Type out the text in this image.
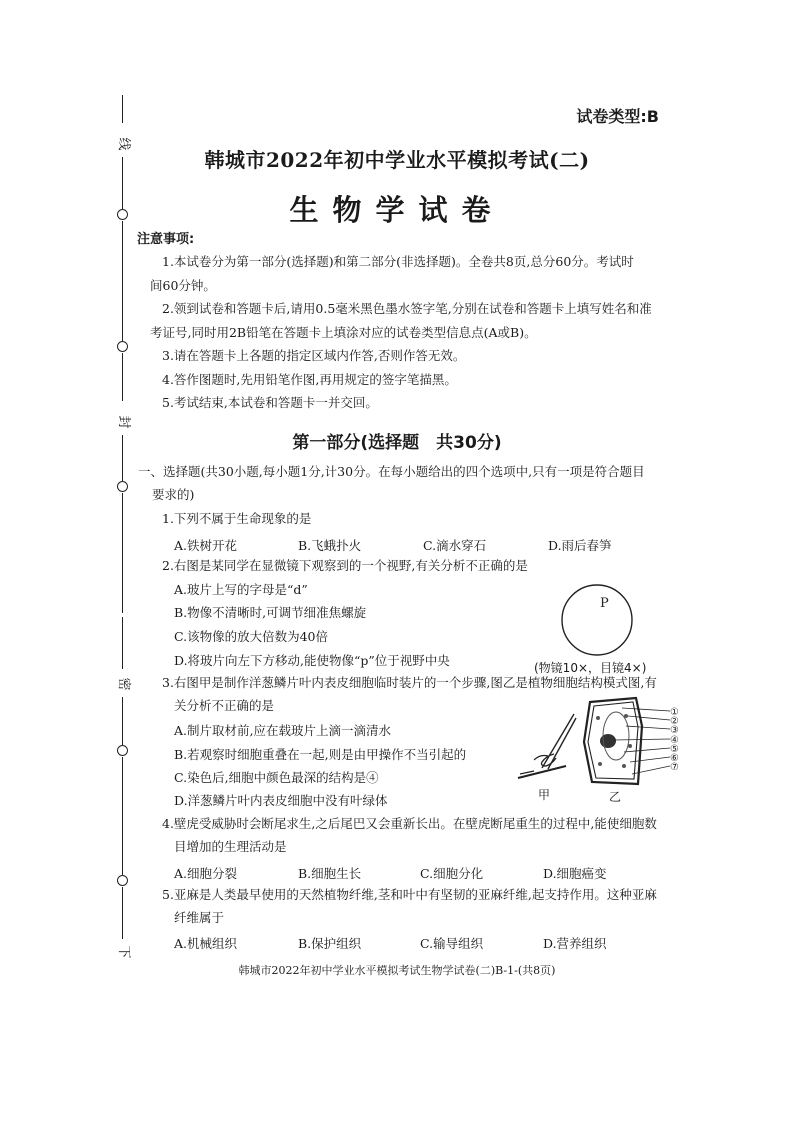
线
封
密
下
试卷类型:B
韩城市2022年初中学业水平模拟考试(二)
生物学试卷
注意事项:
1.本试卷分为第一部分(选择题)和第二部分(非选择题)。全卷共8页,总分60分。考试时
间60分钟。
2.领到试卷和答题卡后,请用0.5毫米黑色墨水签字笔,分别在试卷和答题卡上填写姓名和准
考证号,同时用2B铅笔在答题卡上填涂对应的试卷类型信息点(A或B)。
3.请在答题卡上各题的指定区域内作答,否则作答无效。
4.答作图题时,先用铅笔作图,再用规定的签字笔描黑。
5.考试结束,本试卷和答题卡一并交回。
第一部分(选择题　共30分)
一、选择题(共30小题,每小题1分,计30分。在每小题给出的四个选项中,只有一项是符合题目
要求的)
1.下列不属于生命现象的是
A.铁树开花	B.飞蛾扑火	C.滴水穿石	D.雨后春笋
2.右图是某同学在显微镜下观察到的一个视野,有关分析不正确的是
A.玻片上写的字母是“d”
B.物像不清晰时,可调节细准焦螺旋
C.该物像的放大倍数为40倍
D.将玻片向左下方移动,能使物像“p”位于视野中央
P
(物镜10×，目镜4×)
3.右图甲是制作洋葱鳞片叶内表皮细胞临时装片的一个步骤,图乙是植物细胞结构模式图,有
关分析不正确的是
A.制片取材前,应在载玻片上滴一滴清水
B.若观察时细胞重叠在一起,则是由甲操作不当引起的
C.染色后,细胞中颜色最深的结构是④
D.洋葱鳞片叶内表皮细胞中没有叶绿体	甲
①
②
③
④
⑤
⑥
⑦
乙
4.壁虎受威胁时会断尾求生,之后尾巴又会重新长出。在壁虎断尾重生的过程中,能使细胞数
目增加的生理活动是
A.细胞分裂	B.细胞生长	C.细胞分化	D.细胞癌变
5.亚麻是人类最早使用的天然植物纤维,茎和叶中有坚韧的亚麻纤维,起支持作用。这种亚麻
纤维属于
A.机械组织	B.保护组织	C.输导组织	D.营养组织
韩城市2022年初中学业水平模拟考试生物学试卷(二)B-1-(共8页)
